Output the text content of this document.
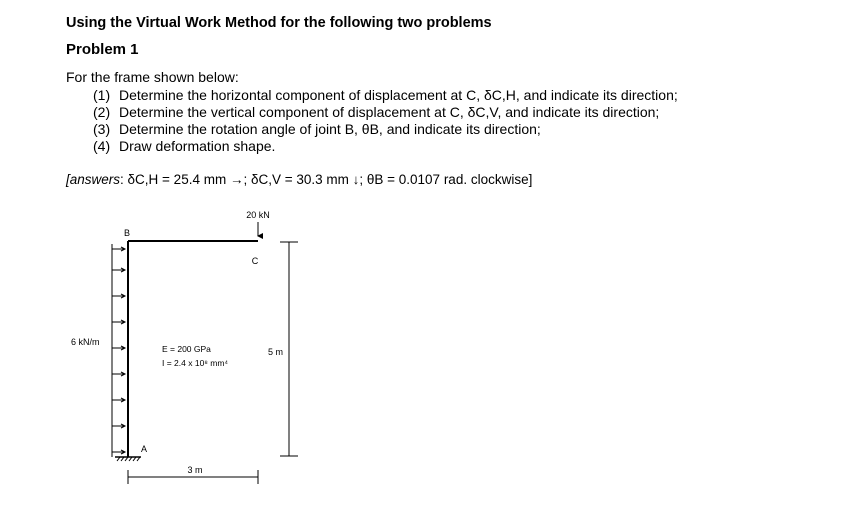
Using the Virtual Work Method for the following two problems
Problem 1
For the frame shown below:
(1) Determine the horizontal component of displacement at C, δC,H, and indicate its direction;
(2) Determine the vertical component of displacement at C, δC,V, and indicate its direction;
(3) Determine the rotation angle of joint B, θB, and indicate its direction;
(4) Draw deformation shape.
[answers: δC,H = 25.4 mm →; δC,V = 30.3 mm ↓; θB = 0.0107 rad. clockwise]
20 kN
B
C
A
6 kN/m
E = 200 GPa
I = 2.4 x 10⁸ mm⁴
5 m
3 m
